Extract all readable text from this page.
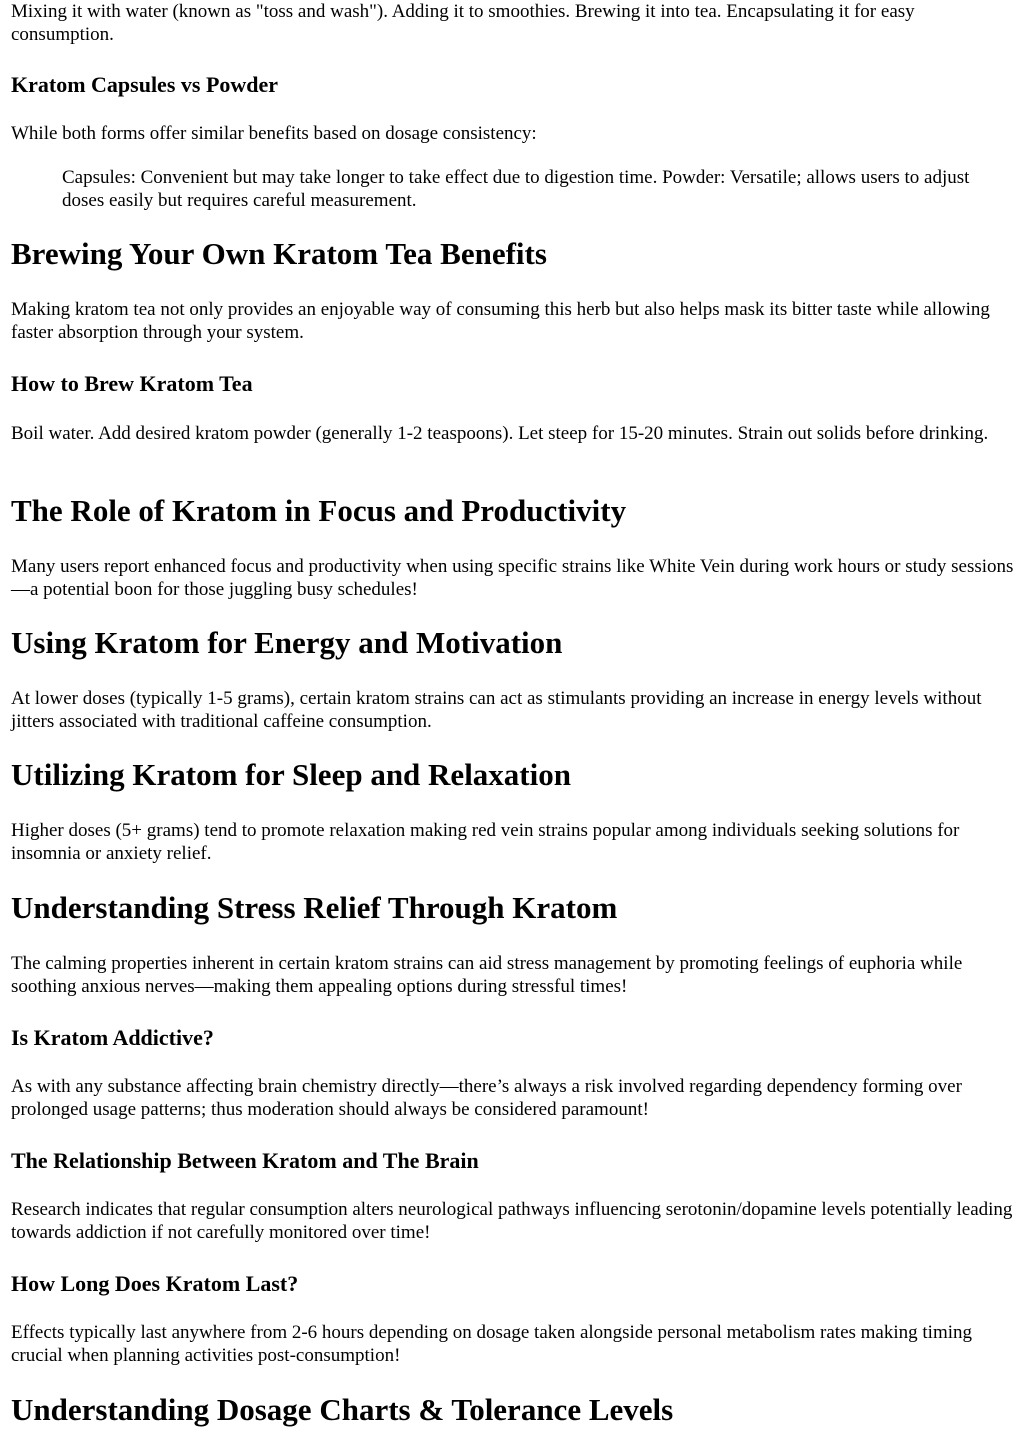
Mixing it with water (known as "toss and wash"). Adding it to smoothies. Brewing it into tea. Encapsulating it for easy consumption.

Kratom Capsules vs Powder

While both forms offer similar benefits based on dosage consistency:

Capsules: Convenient but may take longer to take effect due to digestion time. Powder: Versatile; allows users to adjust doses easily but requires careful measurement.
Brewing Your Own Kratom Tea Benefits

Making kratom tea not only provides an enjoyable way of consuming this herb but also helps mask its bitter taste while allowing faster absorption through your system.

How to Brew Kratom Tea

Boil water. Add desired kratom powder (generally 1-2 teaspoons). Let steep for 15-20 minutes. Strain out solids before drinking.

The Role of Kratom in Focus and Productivity

Many users report enhanced focus and productivity when using specific strains like White Vein during work hours or study sessions—a potential boon for those juggling busy schedules!

Using Kratom for Energy and Motivation

At lower doses (typically 1-5 grams), certain kratom strains can act as stimulants providing an increase in energy levels without jitters associated with traditional caffeine consumption.

Utilizing Kratom for Sleep and Relaxation

Higher doses (5+ grams) tend to promote relaxation making red vein strains popular among individuals seeking solutions for insomnia or anxiety relief.

Understanding Stress Relief Through Kratom

The calming properties inherent in certain kratom strains can aid stress management by promoting feelings of euphoria while soothing anxious nerves—making them appealing options during stressful times!

Is Kratom Addictive?

As with any substance affecting brain chemistry directly—there’s always a risk involved regarding dependency forming over prolonged usage patterns; thus moderation should always be considered paramount!

The Relationship Between Kratom and The Brain

Research indicates that regular consumption alters neurological pathways influencing serotonin/dopamine levels potentially leading towards addiction if not carefully monitored over time!

How Long Does Kratom Last?

Effects typically last anywhere from 2-6 hours depending on dosage taken alongside personal metabolism rates making timing crucial when planning activities post-consumption!

Understanding Dosage Charts & Tolerance Levels
